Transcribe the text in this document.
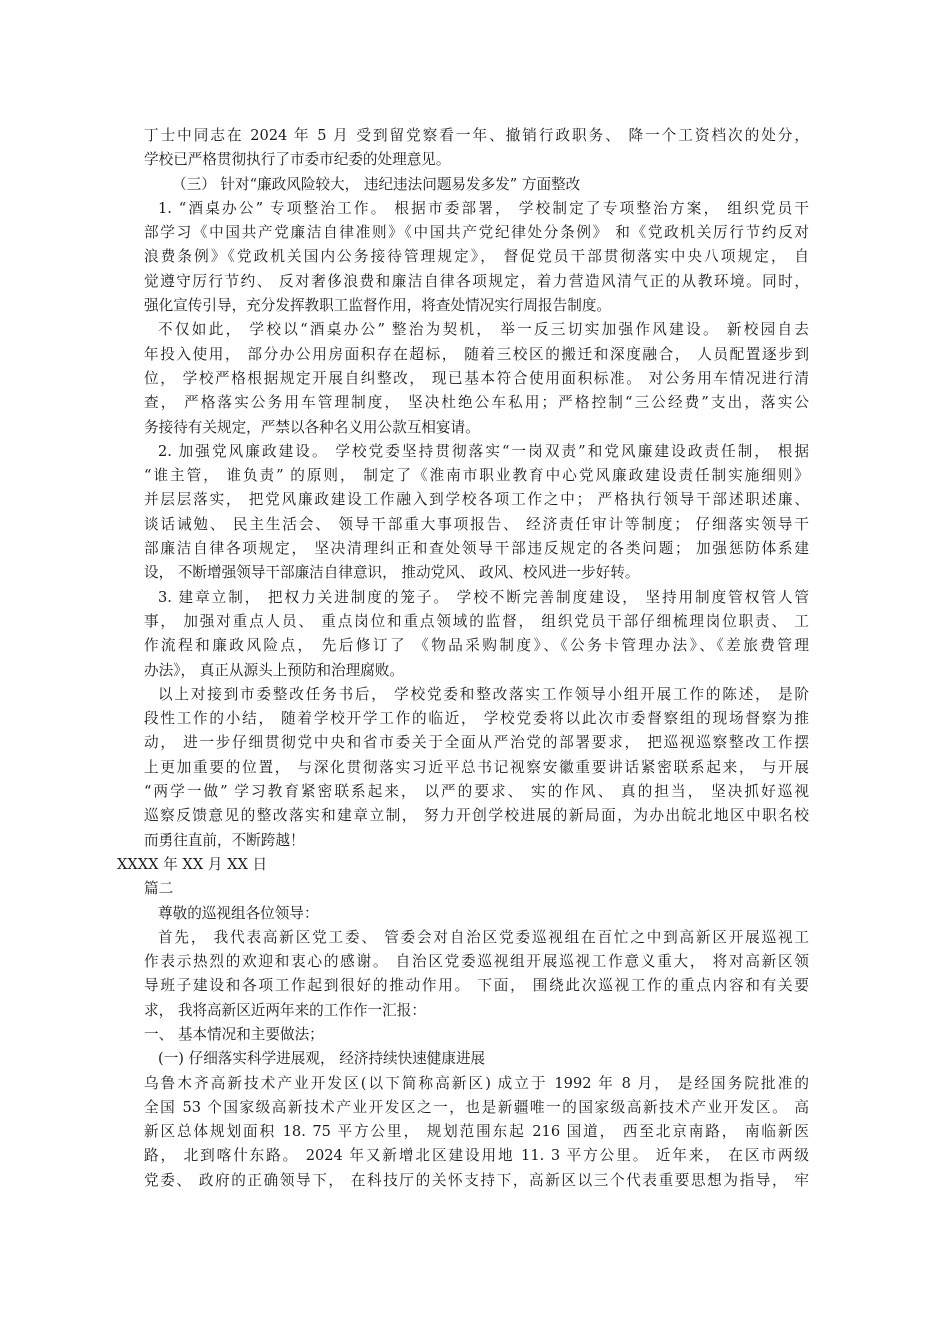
丁士中同志在 2024 年 5 月 受到留党察看一年、撤销行政职务、 降一个工资档次的处分，
学校已严格贯彻执行了市委市纪委的处理意见。
（三） 针对“廉政风险较大， 违纪违法问题易发多发” 方面整改
1. “酒桌办公” 专项整治工作。 根据市委部署， 学校制定了专项整治方案， 组织党员干
部学习《中国共产党廉洁自律准则》《中国共产党纪律处分条例》 和《党政机关厉行节约反对
浪费条例》《党政机关国内公务接待管理规定》， 督促党员干部贯彻落实中央八项规定， 自
觉遵守厉行节约、 反对奢侈浪费和廉洁自律各项规定，着力营造风清气正的从教环境。同时，
强化宣传引导，充分发挥教职工监督作用，将查处情况实行周报告制度。
不仅如此， 学校以“酒桌办公” 整治为契机， 举一反三切实加强作风建设。 新校园自去
年投入使用， 部分办公用房面积存在超标， 随着三校区的搬迁和深度融合， 人员配置逐步到
位， 学校严格根据规定开展自纠整改， 现已基本符合使用面积标准。 对公务用车情况进行清
查， 严格落实公务用车管理制度， 坚决杜绝公车私用；严格控制“三公经费”支出，落实公
务接待有关规定，严禁以各种名义用公款互相宴请。
2. 加强党风廉政建设。 学校党委坚持贯彻落实“一岗双责”和党风廉建设政责任制， 根据
“谁主管， 谁负责” 的原则， 制定了《淮南市职业教育中心党风廉政建设责任制实施细则》
并层层落实， 把党风廉政建设工作融入到学校各项工作之中； 严格执行领导干部述职述廉、
谈话诫勉、 民主生活会、 领导干部重大事项报告、 经济责任审计等制度； 仔细落实领导干
部廉洁自律各项规定， 坚决清理纠正和查处领导干部违反规定的各类问题； 加强惩防体系建
设， 不断增强领导干部廉洁自律意识， 推动党风、 政风、校风进一步好转。
3. 建章立制， 把权力关进制度的笼子。 学校不断完善制度建设， 坚持用制度管权管人管
事， 加强对重点人员、 重点岗位和重点领域的监督， 组织党员干部仔细梳理岗位职责、 工
作流程和廉政风险点， 先后修订了 《物品采购制度》、《公务卡管理办法》、《差旅费管理
办法》， 真正从源头上预防和治理腐败。
以上对接到市委整改任务书后， 学校党委和整改落实工作领导小组开展工作的陈述， 是阶
段性工作的小结， 随着学校开学工作的临近， 学校党委将以此次市委督察组的现场督察为推
动， 进一步仔细贯彻党中央和省市委关于全面从严治党的部署要求， 把巡视巡察整改工作摆
上更加重要的位置， 与深化贯彻落实习近平总书记视察安徽重要讲话紧密联系起来， 与开展
“两学一做” 学习教育紧密联系起来， 以严的要求、 实的作风、 真的担当， 坚决抓好巡视
巡察反馈意见的整改落实和建章立制， 努力开创学校进展的新局面，为办出皖北地区中职名校
而勇往直前，不断跨越！
XXXX 年 XX 月 XX 日
篇二
尊敬的巡视组各位领导：
首先， 我代表高新区党工委、 管委会对自治区党委巡视组在百忙之中到高新区开展巡视工
作表示热烈的欢迎和衷心的感谢。 自治区党委巡视组开展巡视工作意义重大， 将对高新区领
导班子建设和各项工作起到很好的推动作用。 下面， 围绕此次巡视工作的重点内容和有关要
求， 我将高新区近两年来的工作作一汇报：
一、 基本情况和主要做法；
(一) 仔细落实科学进展观， 经济持续快速健康进展
乌鲁木齐高新技术产业开发区(以下简称高新区) 成立于 1992 年 8 月， 是经国务院批准的
全国 53 个国家级高新技术产业开发区之一，也是新疆唯一的国家级高新技术产业开发区。 高
新区总体规划面积 18. 75 平方公里， 规划范围东起 216 国道， 西至北京南路， 南临新医
路， 北到喀什东路。 2024 年又新增北区建设用地 11. 3 平方公里。 近年来， 在区市两级
党委、 政府的正确领导下， 在科技厅的关怀支持下，高新区以三个代表重要思想为指导， 牢
